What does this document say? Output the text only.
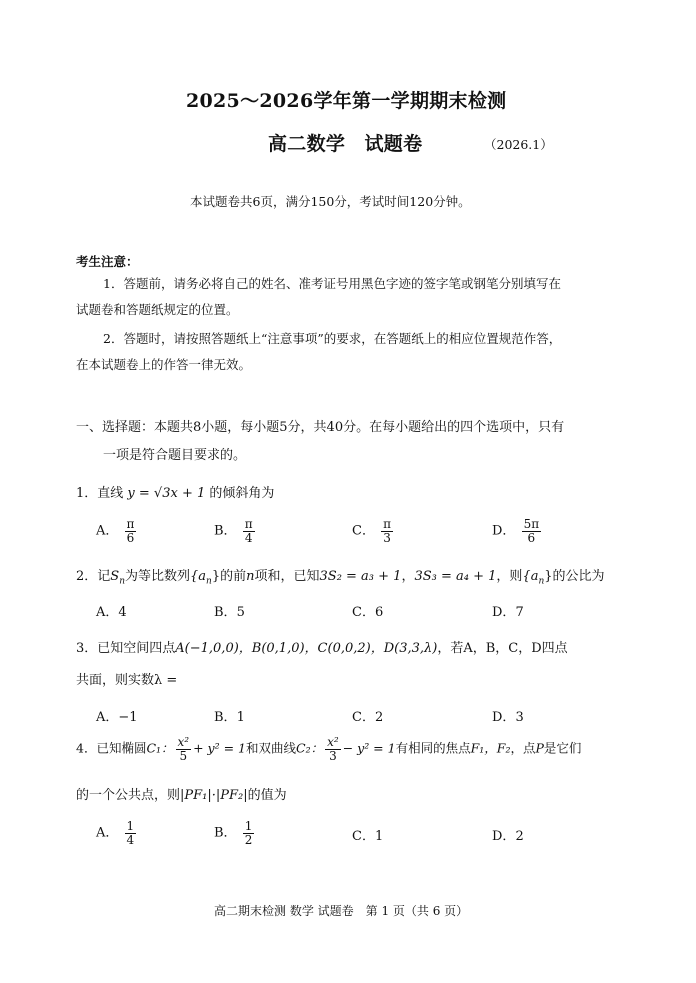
2025～2026学年第一学期期末检测
高二数学　试题卷	（2026.1）
本试题卷共6页，满分150分，考试时间120分钟。
考生注意：
1．答题前，请务必将自己的姓名、准考证号用黑色字迹的签字笔或钢笔分别填写在
试题卷和答题纸规定的位置。
2．答题时，请按照答题纸上“注意事项”的要求，在答题纸上的相应位置规范作答，
在本试题卷上的作答一律无效。
一、选择题：本题共8小题，每小题5分，共40分。在每小题给出的四个选项中，只有
一项是符合题目要求的。
1．直线 y = √3x + 1 的倾斜角为
A． $\frac{\pi}{6}$	B． $\frac{\pi}{4}$	C． $\frac{\pi}{3}$	D． $\frac{5\pi}{6}$
2．记$S_n$为等比数列$\{a_n\}$的前n项和，已知3S₂ = a₃ + 1，3S₃ = a₄ + 1，则$\{a_n\}$的公比为
A．4	B．5	C．6	D．7
3．已知空间四点A(−1,0,0)，B(0,1,0)，C(0,0,2)，D(3,3,λ)，若A，B，C，D四点
共面，则实数λ =
A．−1	B．1	C．2	D．3
4．已知椭圆C₁： $\frac{\text{x²}}{5} + y^2 = 1$和双曲线C₂： $\frac{\text{x²}}{3} - y^2 = 1$有相同的焦点F₁，F₂，点P是它们
的一个公共点，则|PF₁|·|PF₂|的值为
A． $\frac{1}{4}$	B． $\frac{1}{2}$	C．1	D．2
高二期末检测 数学 试题卷　第 1 页（共 6 页）
